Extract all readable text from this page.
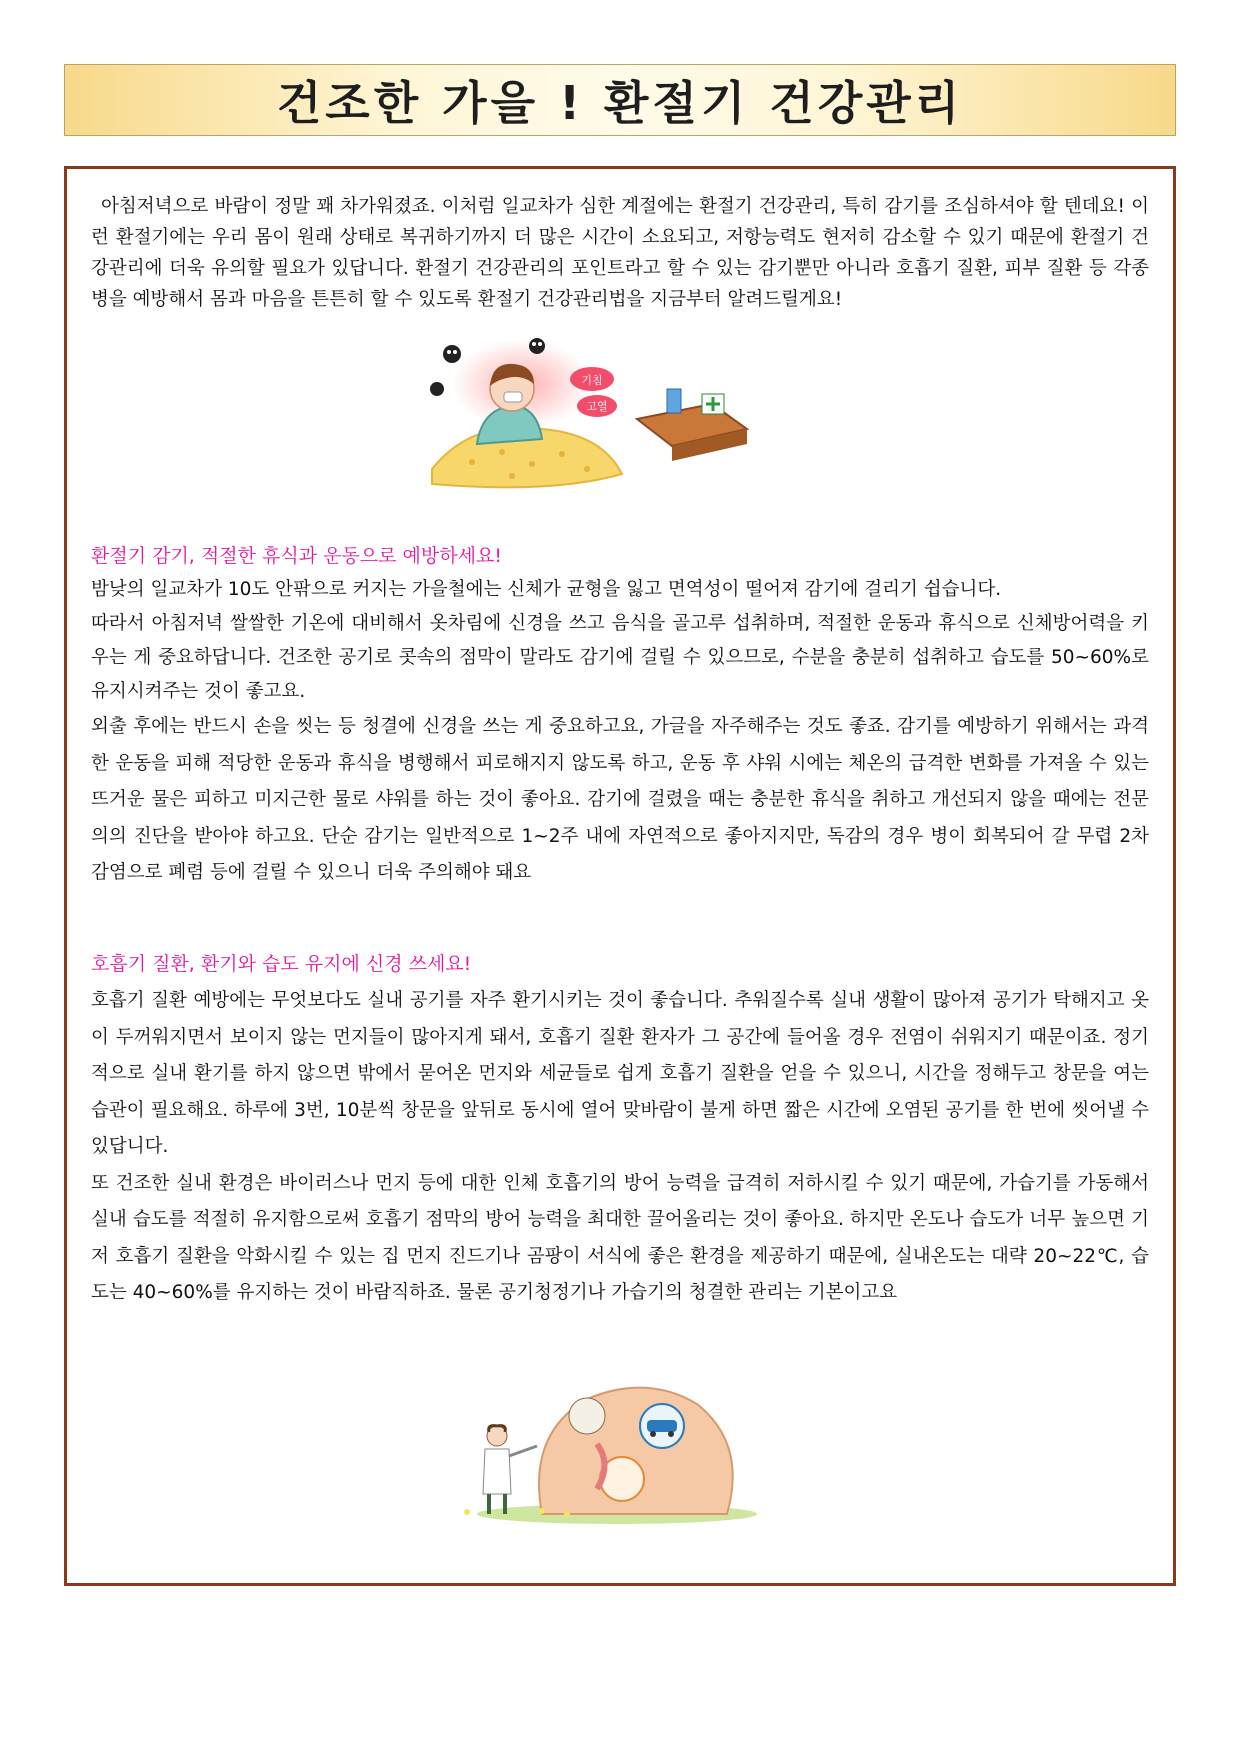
건조한 가을 ! 환절기 건강관리

아침저녁으로 바람이 정말 꽤 차가워졌죠. 이처럼 일교차가 심한 계절에는 환절기 건강관리, 특히 감기를 조심하셔야 할 텐데요! 이런 환절기에는 우리 몸이 원래 상태로 복귀하기까지 더 많은 시간이 소요되고, 저항능력도 현저히 감소할 수 있기 때문에 환절기 건강관리에 더욱 유의할 필요가 있답니다. 환절기 건강관리의 포인트라고 할 수 있는 감기뿐만 아니라 호흡기 질환, 피부 질환 등 각종 병을 예방해서 몸과 마음을 튼튼히 할 수 있도록 환절기 건강관리법을 지금부터 알려드릴게요!

기침
고열
환절기 감기, 적절한 휴식과 운동으로 예방하세요!

밤낮의 일교차가 10도 안팎으로 커지는 가을철에는 신체가 균형을 잃고 면역성이 떨어져 감기에 걸리기 쉽습니다.

따라서 아침저녁 쌀쌀한 기온에 대비해서 옷차림에 신경을 쓰고 음식을 골고루 섭취하며, 적절한 운동과 휴식으로 신체방어력을 키우는 게 중요하답니다. 건조한 공기로 콧속의 점막이 말라도 감기에 걸릴 수 있으므로, 수분을 충분히 섭취하고 습도를 50~60%로 유지시켜주는 것이 좋고요.

외출 후에는 반드시 손을 씻는 등 청결에 신경을 쓰는 게 중요하고요, 가글을 자주해주는 것도 좋죠. 감기를 예방하기 위해서는 과격한 운동을 피해 적당한 운동과 휴식을 병행해서 피로해지지 않도록 하고, 운동 후 샤워 시에는 체온의 급격한 변화를 가져올 수 있는 뜨거운 물은 피하고 미지근한 물로 샤워를 하는 것이 좋아요. 감기에 걸렸을 때는 충분한 휴식을 취하고 개선되지 않을 때에는 전문의의 진단을 받아야 하고요. 단순 감기는 일반적으로 1~2주 내에 자연적으로 좋아지지만, 독감의 경우 병이 회복되어 갈 무렵 2차 감염으로 폐렴 등에 걸릴 수 있으니 더욱 주의해야 돼요

호흡기 질환, 환기와 습도 유지에 신경 쓰세요!

호흡기 질환 예방에는 무엇보다도 실내 공기를 자주 환기시키는 것이 좋습니다. 추워질수록 실내 생활이 많아져 공기가 탁해지고 옷이 두꺼워지면서 보이지 않는 먼지들이 많아지게 돼서, 호흡기 질환 환자가 그 공간에 들어올 경우 전염이 쉬워지기 때문이죠. 정기적으로 실내 환기를 하지 않으면 밖에서 묻어온 먼지와 세균들로 쉽게 호흡기 질환을 얻을 수 있으니, 시간을 정해두고 창문을 여는 습관이 필요해요. 하루에 3번, 10분씩 창문을 앞뒤로 동시에 열어 맞바람이 불게 하면 짧은 시간에 오염된 공기를 한 번에 씻어낼 수 있답니다.

또 건조한 실내 환경은 바이러스나 먼지 등에 대한 인체 호흡기의 방어 능력을 급격히 저하시킬 수 있기 때문에, 가습기를 가동해서 실내 습도를 적절히 유지함으로써 호흡기 점막의 방어 능력을 최대한 끌어올리는 것이 좋아요. 하지만 온도나 습도가 너무 높으면 기저 호흡기 질환을 악화시킬 수 있는 집 먼지 진드기나 곰팡이 서식에 좋은 환경을 제공하기 때문에, 실내온도는 대략 20~22℃, 습도는 40~60%를 유지하는 것이 바람직하죠. 물론 공기청정기나 가습기의 청결한 관리는 기본이고요
